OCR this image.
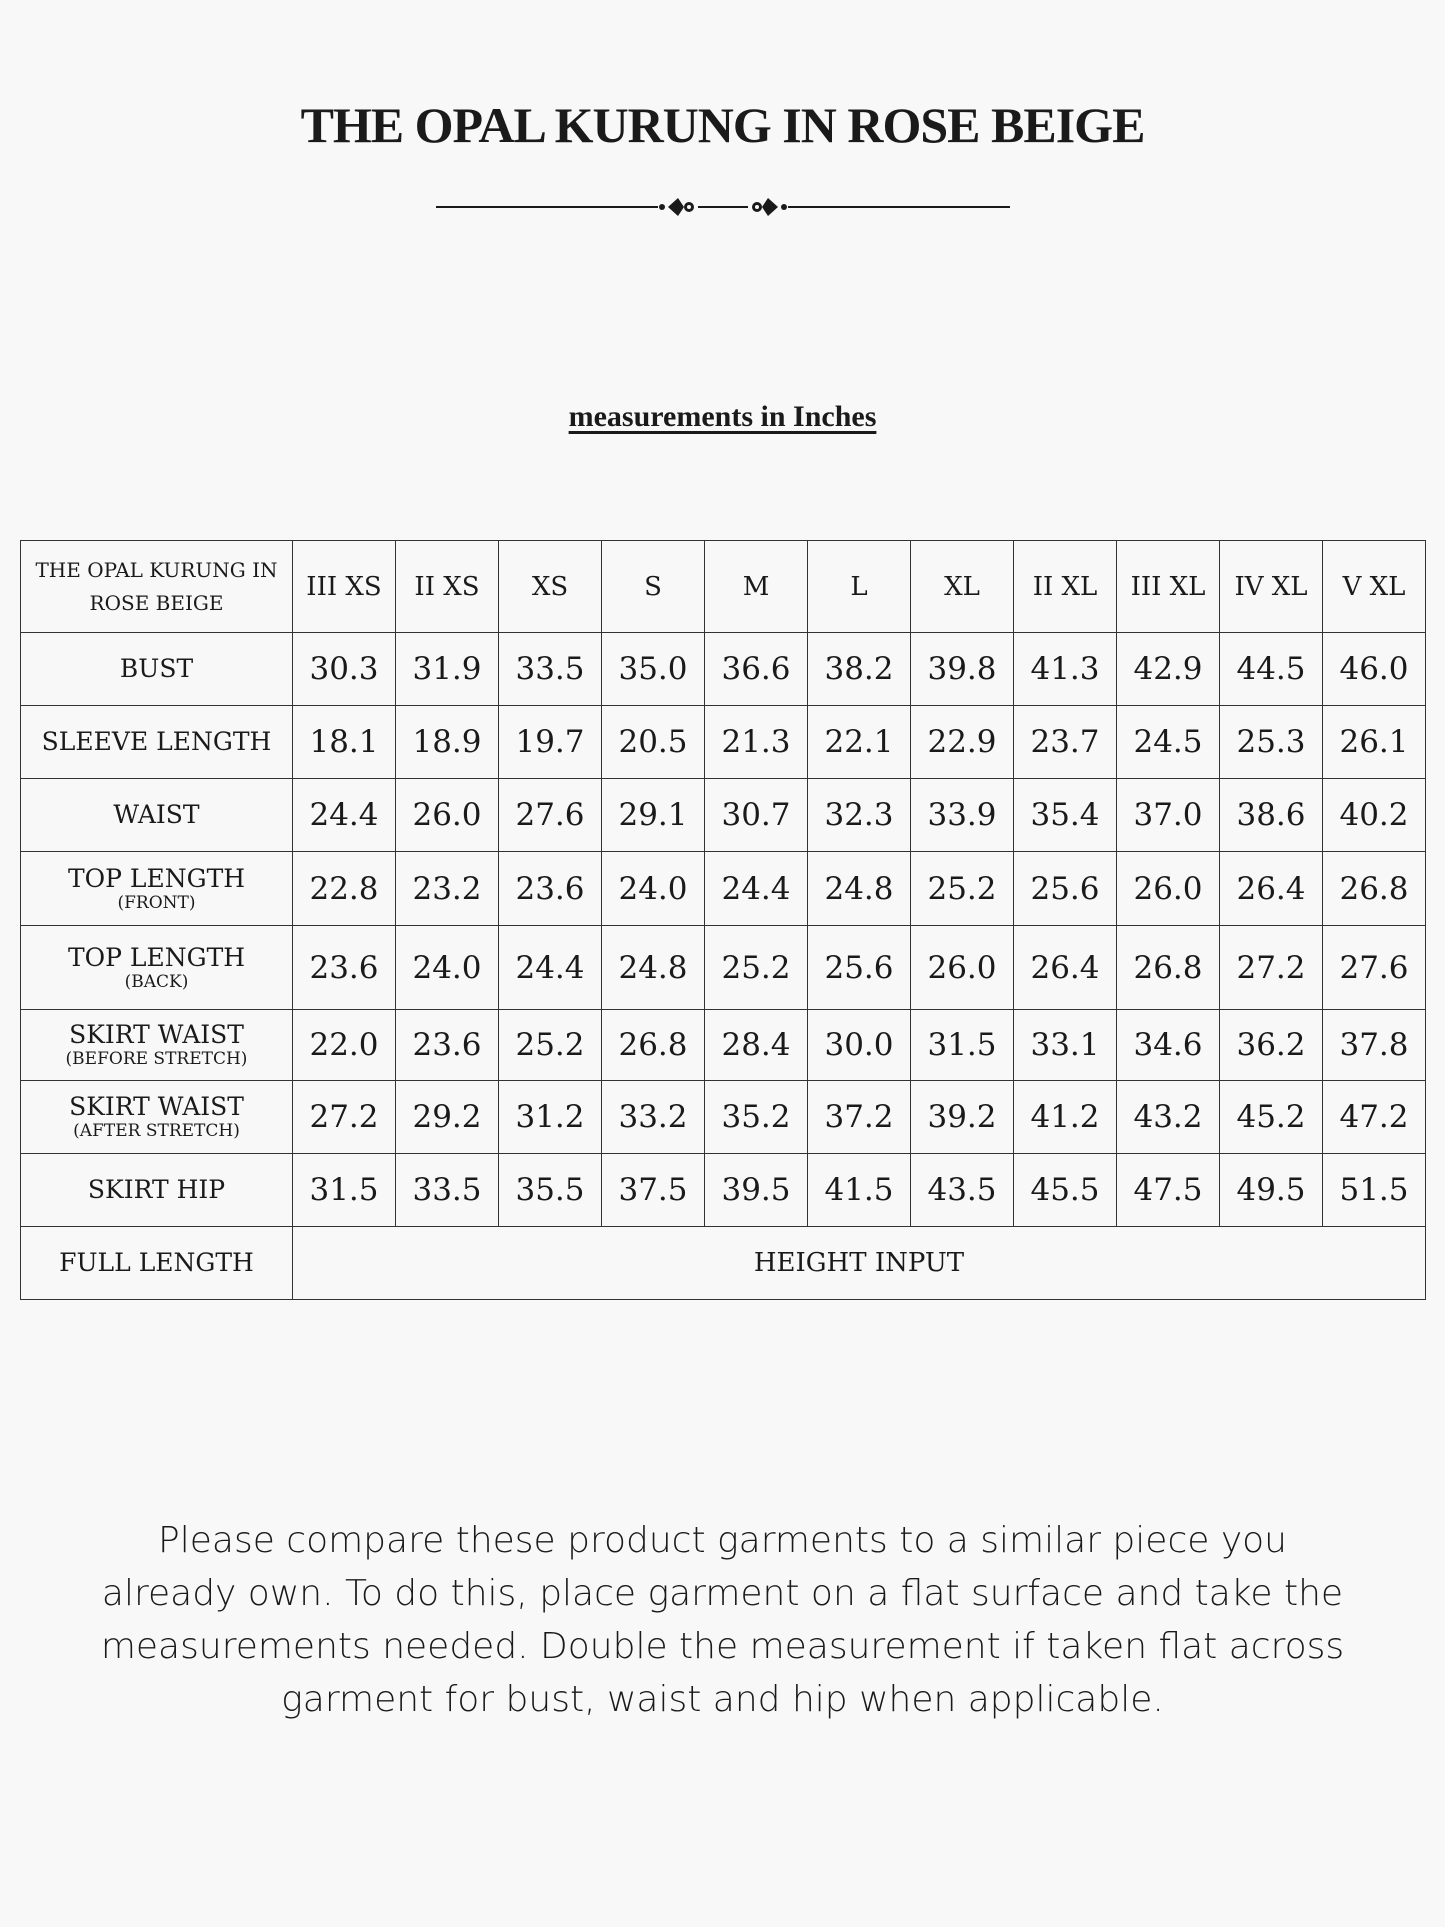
THE OPAL KURUNG IN ROSE BEIGE

measurements in Inches

THE OPAL KURUNG IN ROSE BEIGE	III XS	II XS	XS	S	M	L	XL	II XL	III XL	IV XL	V XL
BUST	30.3	31.9	33.5	35.0	36.6	38.2	39.8	41.3	42.9	44.5	46.0
SLEEVE LENGTH	18.1	18.9	19.7	20.5	21.3	22.1	22.9	23.7	24.5	25.3	26.1
WAIST	24.4	26.0	27.6	29.1	30.7	32.3	33.9	35.4	37.0	38.6	40.2
TOP LENGTH
(FRONT)	22.8	23.2	23.6	24.0	24.4	24.8	25.2	25.6	26.0	26.4	26.8
TOP LENGTH
(BACK)	23.6	24.0	24.4	24.8	25.2	25.6	26.0	26.4	26.8	27.2	27.6
SKIRT WAIST
(BEFORE STRETCH)	22.0	23.6	25.2	26.8	28.4	30.0	31.5	33.1	34.6	36.2	37.8
SKIRT WAIST
(AFTER STRETCH)	27.2	29.2	31.2	33.2	35.2	37.2	39.2	41.2	43.2	45.2	47.2
SKIRT HIP	31.5	33.5	35.5	37.5	39.5	41.5	43.5	45.5	47.5	49.5	51.5
FULL LENGTH	HEIGHT INPUT										

Please compare these product garments to a similar piece you already own. To do this, place garment on a flat surface and take the measurements needed. Double the measurement if taken flat across garment for bust, waist and hip when applicable.
